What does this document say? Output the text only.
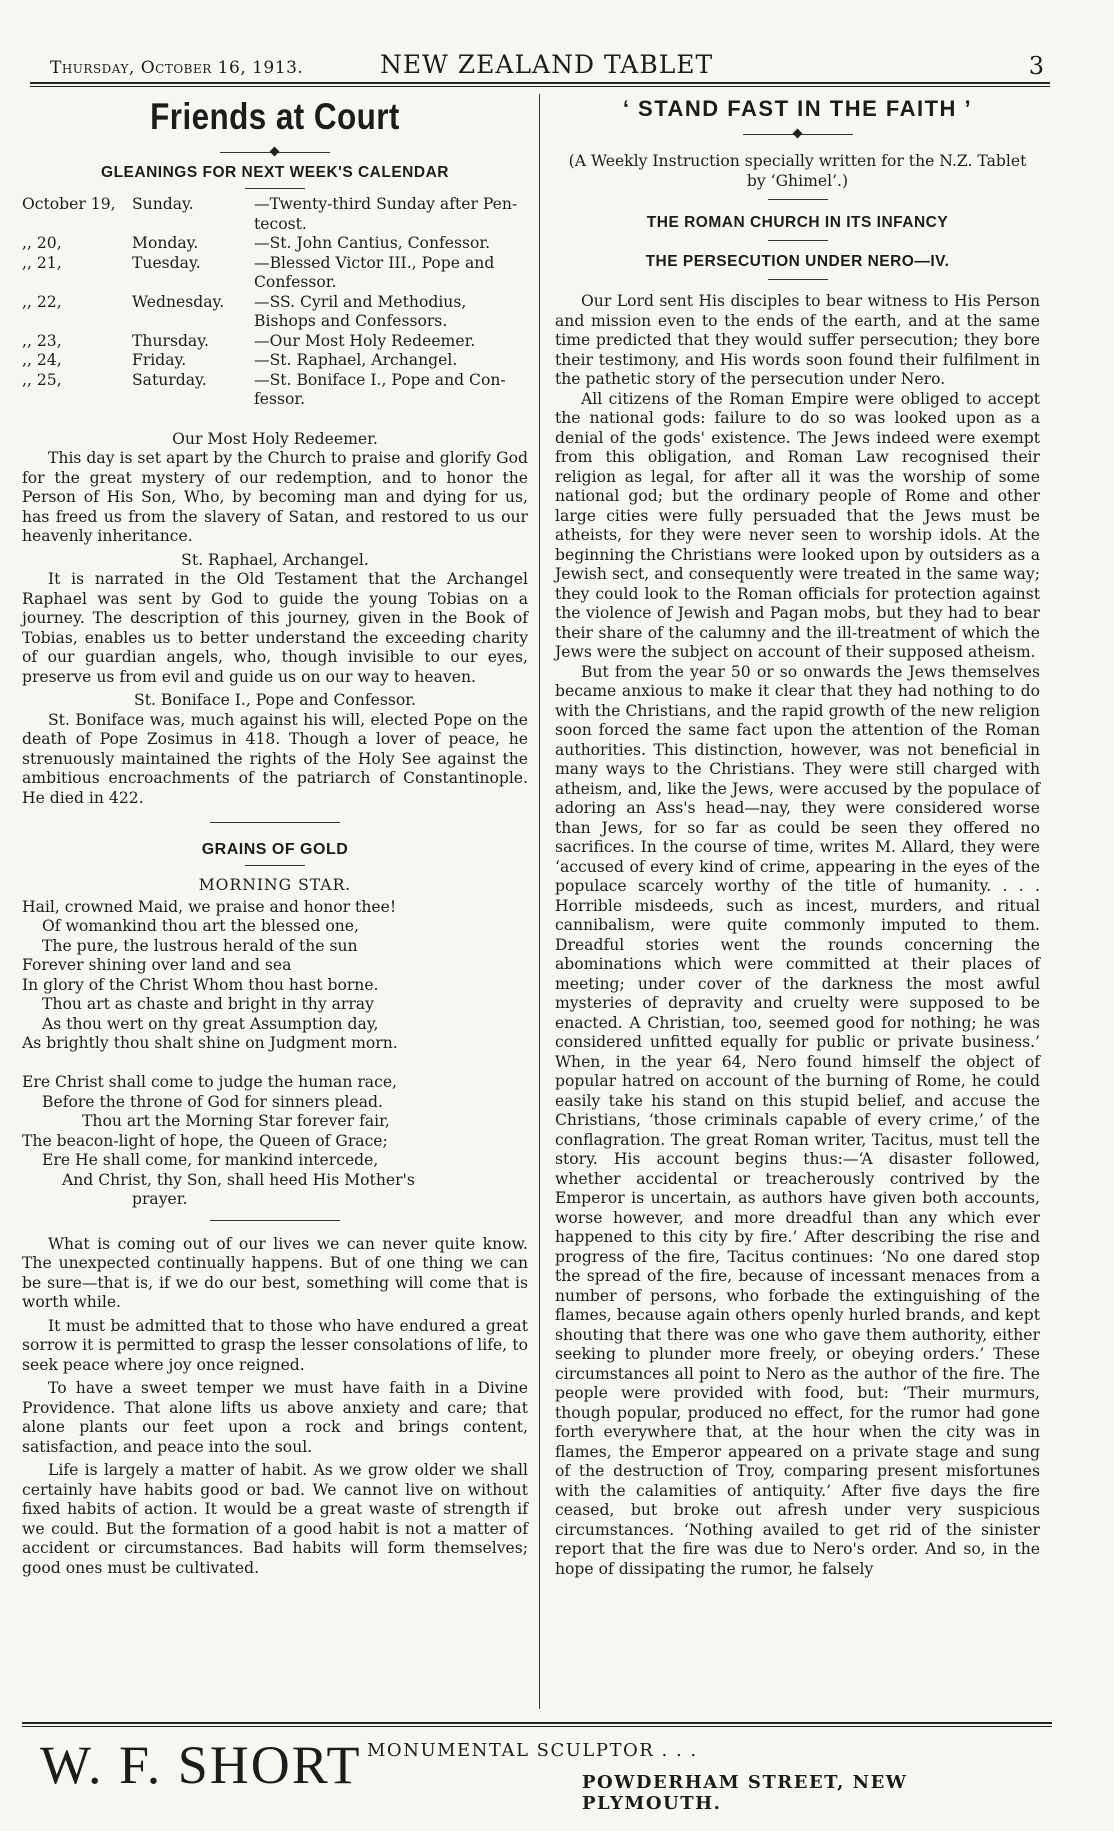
Thursday, October 16, 1913.	NEW ZEALAND TABLET	3
Friends at Court
GLEANINGS FOR NEXT WEEK'S CALENDAR
October 19,	Sunday.	—Twenty-third Sunday after Pen-
tecost.
,, 20,	Monday.	—St. John Cantius, Confessor.
,, 21,	Tuesday.	—Blessed Victor III., Pope and
Confessor.
,, 22,	Wednesday.	—SS. Cyril and Methodius,
Bishops and Confessors.
,, 23,	Thursday.	—Our Most Holy Redeemer.
,, 24,	Friday.	—St. Raphael, Archangel.
,, 25,	Saturday.	—St. Boniface I., Pope and Con-
fessor.
Our Most Holy Redeemer.

This day is set apart by the Church to praise and glorify God for the great mystery of our redemption, and to honor the Person of His Son, Who, by becoming man and dying for us, has freed us from the slavery of Satan, and restored to us our heavenly inheritance.

St. Raphael, Archangel.

It is narrated in the Old Testament that the Archangel Raphael was sent by God to guide the young Tobias on a journey. The description of this journey, given in the Book of Tobias, enables us to better understand the exceeding charity of our guardian angels, who, though invisible to our eyes, preserve us from evil and guide us on our way to heaven.

St. Boniface I., Pope and Confessor.

St. Boniface was, much against his will, elected Pope on the death of Pope Zosimus in 418. Though a lover of peace, he strenuously maintained the rights of the Holy See against the ambitious encroachments of the patriarch of Constantinople. He died in 422.

GRAINS OF GOLD
MORNING STAR.
Hail, crowned Maid, we praise and honor thee!
Of womankind thou art the blessed one,
The pure, the lustrous herald of the sun
Forever shining over land and sea
In glory of the Christ Whom thou hast borne.
Thou art as chaste and bright in thy array
As thou wert on thy great Assumption day,
As brightly thou shalt shine on Judgment morn.
Ere Christ shall come to judge the human race,
Before the throne of God for sinners plead.
Thou art the Morning Star forever fair,
The beacon-light of hope, the Queen of Grace;
Ere He shall come, for mankind intercede,
And Christ, thy Son, shall heed His Mother's
prayer.

What is coming out of our lives we can never quite know. The unexpected continually happens. But of one thing we can be sure—that is, if we do our best, something will come that is worth while.

It must be admitted that to those who have endured a great sorrow it is permitted to grasp the lesser consolations of life, to seek peace where joy once reigned.

To have a sweet temper we must have faith in a Divine Providence. That alone lifts us above anxiety and care; that alone plants our feet upon a rock and brings content, satisfaction, and peace into the soul.

Life is largely a matter of habit. As we grow older we shall certainly have habits good or bad. We cannot live on without fixed habits of action. It would be a great waste of strength if we could. But the formation of a good habit is not a matter of accident or circumstances. Bad habits will form themselves; good ones must be cultivated.

‘ STAND FAST IN THE FAITH ’

(A Weekly Instruction specially written for the N.Z. Tablet by ‘Ghimel’.)

THE ROMAN CHURCH IN ITS INFANCY
THE PERSECUTION UNDER NERO—IV.

Our Lord sent His disciples to bear witness to His Person and mission even to the ends of the earth, and at the same time predicted that they would suffer persecution; they bore their testimony, and His words soon found their fulfilment in the pathetic story of the persecution under Nero.

All citizens of the Roman Empire were obliged to accept the national gods: failure to do so was looked upon as a denial of the gods' existence. The Jews indeed were exempt from this obligation, and Roman Law recognised their religion as legal, for after all it was the worship of some national god; but the ordinary people of Rome and other large cities were fully persuaded that the Jews must be atheists, for they were never seen to worship idols. At the beginning the Christians were looked upon by outsiders as a Jewish sect, and consequently were treated in the same way; they could look to the Roman officials for protection against the violence of Jewish and Pagan mobs, but they had to bear their share of the calumny and the ill-treatment of which the Jews were the subject on account of their supposed atheism.

But from the year 50 or so onwards the Jews themselves became anxious to make it clear that they had nothing to do with the Christians, and the rapid growth of the new religion soon forced the same fact upon the attention of the Roman authorities. This distinction, however, was not beneficial in many ways to the Christians. They were still charged with atheism, and, like the Jews, were accused by the populace of adoring an Ass's head—nay, they were considered worse than Jews, for so far as could be seen they offered no sacrifices. In the course of time, writes M. Allard, they were ‘accused of every kind of crime, appearing in the eyes of the populace scarcely worthy of the title of humanity. . . . Horrible misdeeds, such as incest, murders, and ritual cannibalism, were quite commonly imputed to them. Dreadful stories went the rounds concerning the abominations which were committed at their places of meeting; under cover of the darkness the most awful mysteries of depravity and cruelty were supposed to be enacted. A Christian, too, seemed good for nothing; he was considered unfitted equally for public or private business.’ When, in the year 64, Nero found himself the object of popular hatred on account of the burning of Rome, he could easily take his stand on this stupid belief, and accuse the Christians, ‘those criminals capable of every crime,’ of the conflagration. The great Roman writer, Tacitus, must tell the story. His account begins thus:—‘A disaster followed, whether accidental or treacherously contrived by the Emperor is uncertain, as authors have given both accounts, worse however, and more dreadful than any which ever happened to this city by fire.’ After describing the rise and progress of the fire, Tacitus continues: ‘No one dared stop the spread of the fire, because of incessant menaces from a number of persons, who forbade the extinguishing of the flames, because again others openly hurled brands, and kept shouting that there was one who gave them authority, either seeking to plunder more freely, or obeying orders.’ These circumstances all point to Nero as the author of the fire. The people were provided with food, but: ‘Their murmurs, though popular, produced no effect, for the rumor had gone forth everywhere that, at the hour when the city was in flames, the Emperor appeared on a private stage and sung of the destruction of Troy, comparing present misfortunes with the calamities of antiquity.’ After five days the fire ceased, but broke out afresh under very suspicious circumstances. ‘Nothing availed to get rid of the sinister report that the fire was due to Nero's order. And so, in the hope of dissipating the rumor, he falsely

W. F. SHORT MONUMENTAL SCULPTOR . . .
POWDERHAM STREET, NEW PLYMOUTH.
